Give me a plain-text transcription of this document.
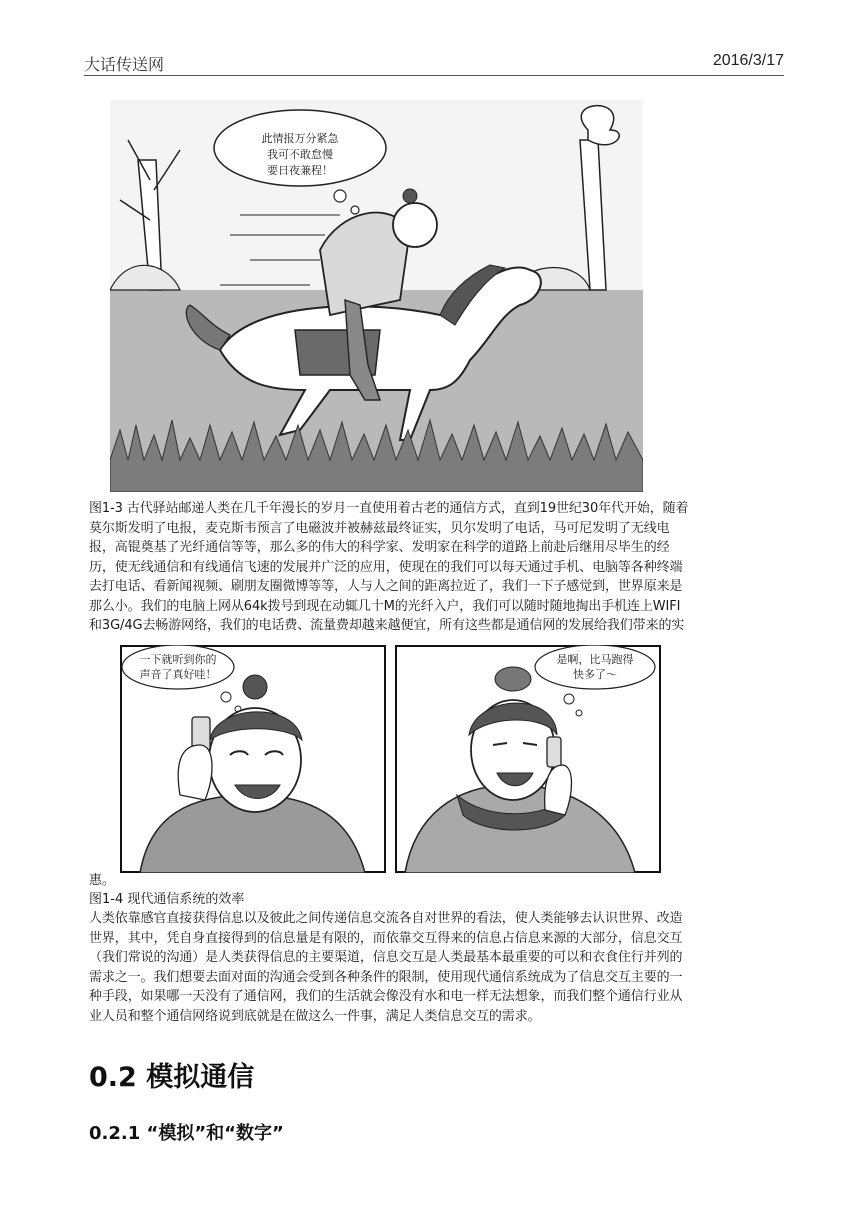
大话传送网	2016/3/17
此情报万分紧急
我可不敢怠慢
要日夜兼程！
图1-3 古代驿站邮递人类在几千年漫长的岁月一直使用着古老的通信方式，直到19世纪30年代开始，随着莫尔斯发明了电报，麦克斯韦预言了电磁波并被赫兹最终证实，贝尔发明了电话，马可尼发明了无线电报，高锟奠基了光纤通信等等，那么多的伟大的科学家、发明家在科学的道路上前赴后继用尽毕生的经历，使无线通信和有线通信飞速的发展并广泛的应用，使现在的我们可以每天通过手机、电脑等各种终端去打电话、看新闻视频、刷朋友圈微博等等，人与人之间的距离拉近了，我们一下子感觉到，世界原来是那么小。我们的电脑上网从64k拨号到现在动辄几十M的光纤入户，我们可以随时随地掏出手机连上WIFI和3G/4G去畅游网络，我们的电话费、流量费却越来越便宜，所有这些都是通信网的发展给我们带来的实
一下就听到你的
声音了真好哇！
是啊，比马跑得
快多了～
惠。
图1-4 现代通信系统的效率
人类依靠感官直接获得信息以及彼此之间传递信息交流各自对世界的看法，使人类能够去认识世界、改造世界，其中，凭自身直接得到的信息量是有限的，而依靠交互得来的信息占信息来源的大部分，信息交互（我们常说的沟通）是人类获得信息的主要渠道，信息交互是人类最基本最重要的可以和衣食住行并列的需求之一。我们想要去面对面的沟通会受到各种条件的限制，使用现代通信系统成为了信息交互主要的一种手段，如果哪一天没有了通信网，我们的生活就会像没有水和电一样无法想象，而我们整个通信行业从业人员和整个通信网络说到底就是在做这么一件事，满足人类信息交互的需求。
0.2 模拟通信
0.2.1 “模拟”和“数字”
